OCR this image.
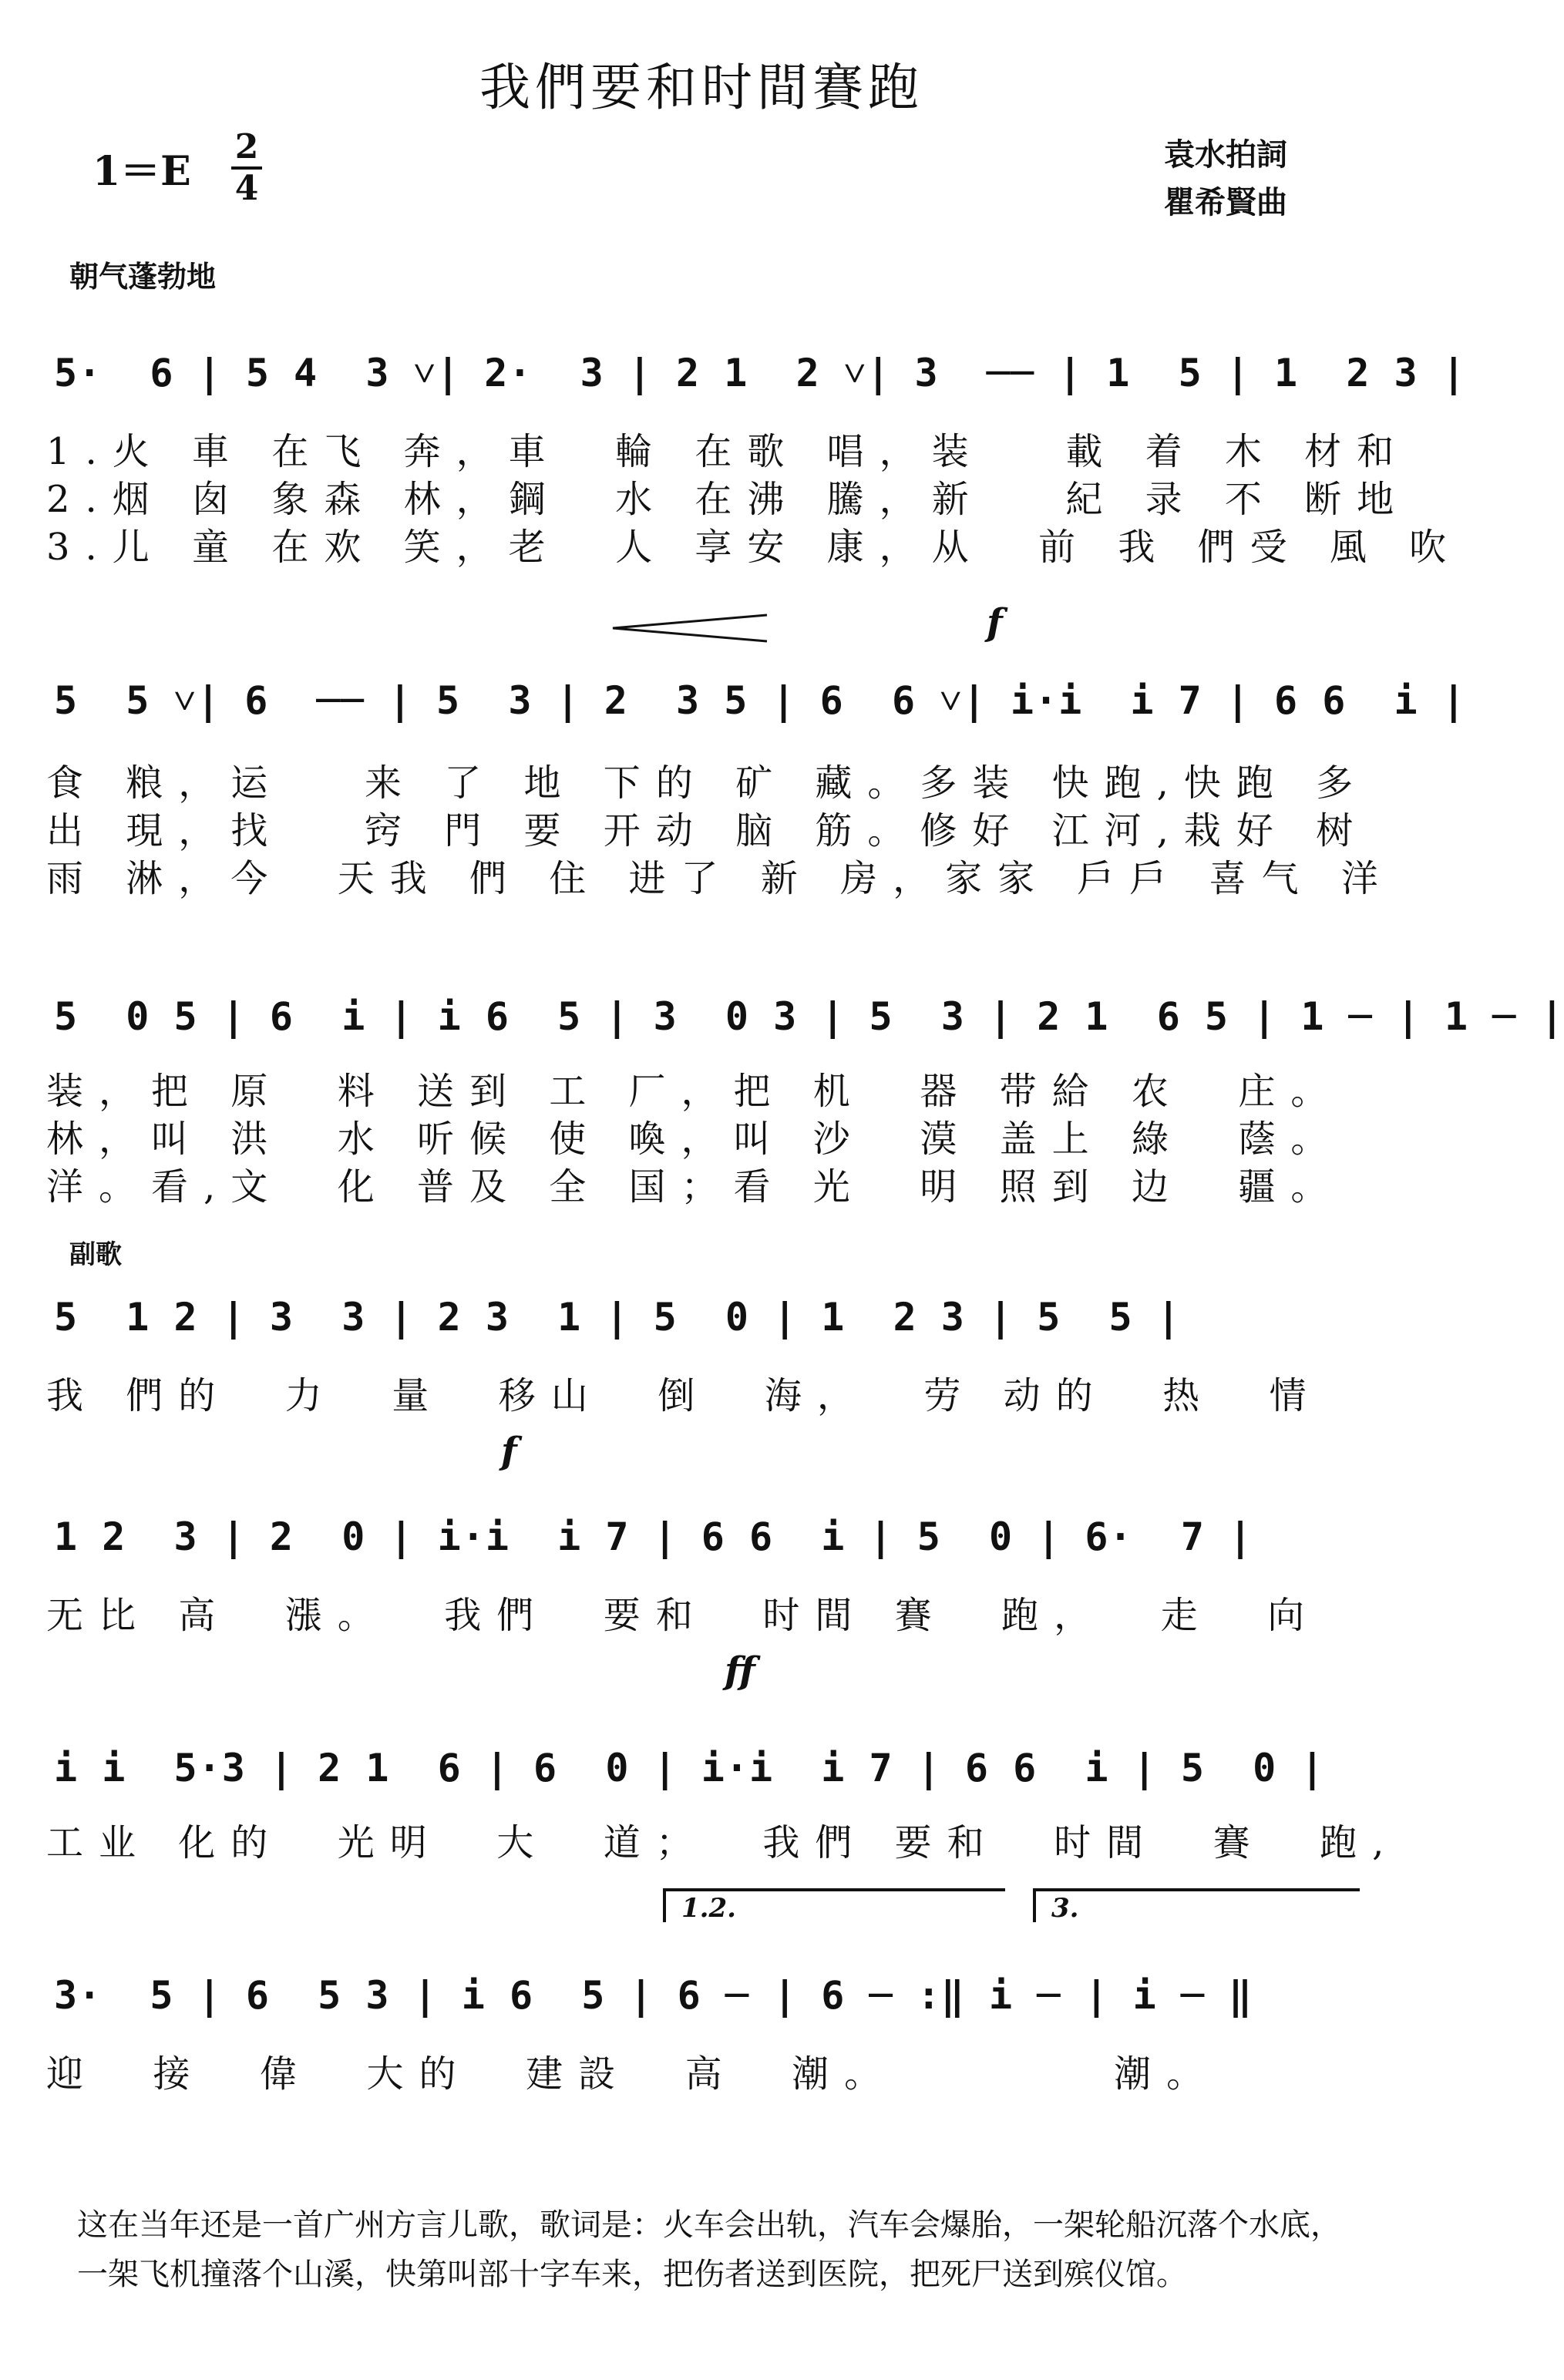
我們要和时間賽跑
1＝E
2
4
袁水拍詞
瞿希賢曲
朝气蓬勃地
5·  6 | 5 4  3 ˅| 2·  3 | 2 1  2 ˅| 3  ── | 1  5 | 1  2 3 |
1.火 車 在飞 奔，車  輪 在歌 唱，装   載 着 木 材和
2.烟 囱 象森 林，鋼  水 在沸 騰，新   紀 录 不 断地
3.儿 童 在欢 笑，老  人 享安 康，从  前 我 們受 風 吹
f
5  5 ˅| 6  ── | 5  3 | 2  3 5 | 6  6 ˅| i·i  i 7 | 6 6  i |
食 粮，运   来 了 地 下的 矿 藏。多装 快跑,快跑 多
出 現，找   窍 門 要 开动 脑 筋。修好 江河,栽好 树
雨 淋，今  天我 們 住 进了 新 房，家家 戶戶 喜气 洋
5  0 5 | 6  i | i 6  5 | 3  0 3 | 5  3 | 2 1  6 5 | 1 ─ | 1 ─ |
装，把 原  料 送到 工 厂，把 机  器 带給 农  庄。
林，叫 洪  水 听候 使 喚，叫 沙  漠 盖上 綠  蔭。
洋。看,文  化 普及 全 国；看 光  明 照到 边  疆。
副歌
5  1 2 | 3  3 | 2 3  1 | 5  0 | 1  2 3 | 5  5 |
我 們的  力  量  移山  倒  海，  劳 动的  热  情
f
1 2  3 | 2  0 | i·i  i 7 | 6 6  i | 5  0 | 6·  7 |
无比 高  漲。  我們  要和  时間 賽  跑，  走  向
ff
i i  5·3 | 2 1  6 | 6  0 | i·i  i 7 | 6 6  i | 5  0 |
工业 化的  光明  大  道；  我們 要和  时間  賽  跑,
1.2.	3.
3·  5 | 6  5 3 | i 6  5 | 6 ─ | 6 ─ :‖ i ─ | i ─ ‖
迎  接  偉  大的  建設  高  潮。        潮。
这在当年还是一首广州方言儿歌，歌词是：火车会出轨，汽车会爆胎，一架轮船沉落个水底，一架飞机撞落个山溪，快第叫部十字车来，把伤者送到医院，把死尸送到殡仪馆。
